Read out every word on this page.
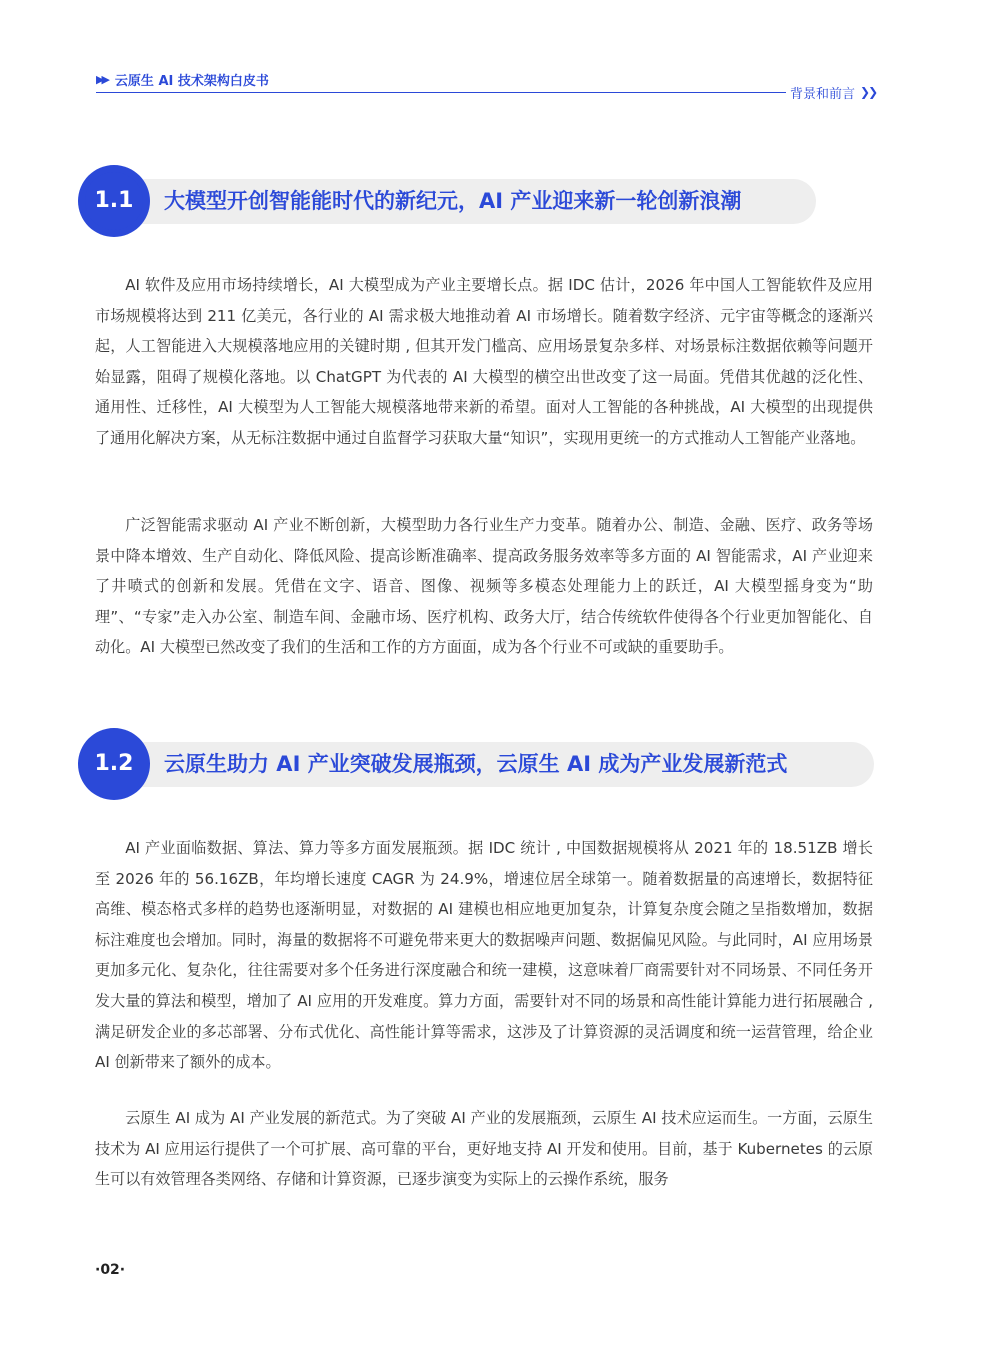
▶▶ 云原生 AI 技术架构白皮书
背景和前言 ❯❯
1.1	大模型开创智能能时代的新纪元，AI 产业迎来新一轮创新浪潮

AI 软件及应用市场持续增长，AI 大模型成为产业主要增长点。据 IDC 估计，2026 年中国人工智能软件及应用市场规模将达到 211 亿美元，各行业的 AI 需求极大地推动着 AI 市场增长。随着数字经济、元宇宙等概念的逐渐兴起，人工智能进入大规模落地应用的关键时期 , 但其开发门槛高、应用场景复杂多样、对场景标注数据依赖等问题开始显露，阻碍了规模化落地。以 ChatGPT 为代表的 AI 大模型的横空出世改变了这一局面。凭借其优越的泛化性、通用性、迁移性，AI 大模型为人工智能大规模落地带来新的希望。面对人工智能的各种挑战，AI 大模型的出现提供了通用化解决方案，从无标注数据中通过自监督学习获取大量“知识”，实现用更统一的方式推动人工智能产业落地。

广泛智能需求驱动 AI 产业不断创新，大模型助力各行业生产力变革。随着办公、制造、金融、医疗、政务等场景中降本增效、生产自动化、降低风险、提高诊断准确率、提高政务服务效率等多方面的 AI 智能需求，AI 产业迎来了井喷式的创新和发展。凭借在文字、语音、图像、视频等多模态处理能力上的跃迁，AI 大模型摇身变为“助理”、“专家”走入办公室、制造车间、金融市场、医疗机构、政务大厅，结合传统软件使得各个行业更加智能化、自动化。AI 大模型已然改变了我们的生活和工作的方方面面，成为各个行业不可或缺的重要助手。

1.2	云原生助力 AI 产业突破发展瓶颈，云原生 AI 成为产业发展新范式

AI 产业面临数据、算法、算力等多方面发展瓶颈。据 IDC 统计 , 中国数据规模将从 2021 年的 18.51ZB 增长至 2026 年的 56.16ZB，年均增长速度 CAGR 为 24.9%，增速位居全球第一。随着数据量的高速增长，数据特征高维、模态格式多样的趋势也逐渐明显，对数据的 AI 建模也相应地更加复杂，计算复杂度会随之呈指数增加，数据标注难度也会增加。同时，海量的数据将不可避免带来更大的数据噪声问题、数据偏见风险。与此同时，AI 应用场景更加多元化、复杂化，往往需要对多个任务进行深度融合和统一建模，这意味着厂商需要针对不同场景、不同任务开发大量的算法和模型，增加了 AI 应用的开发难度。算力方面，需要针对不同的场景和高性能计算能力进行拓展融合 , 满足研发企业的多芯部署、分布式优化、高性能计算等需求，这涉及了计算资源的灵活调度和统一运营管理，给企业 AI 创新带来了额外的成本。

云原生 AI 成为 AI 产业发展的新范式。为了突破 AI 产业的发展瓶颈，云原生 AI 技术应运而生。一方面，云原生技术为 AI 应用运行提供了一个可扩展、高可靠的平台，更好地支持 AI 开发和使用。目前，基于 Kubernetes 的云原生可以有效管理各类网络、存储和计算资源，已逐步演变为实际上的云操作系统，服务

·02·
